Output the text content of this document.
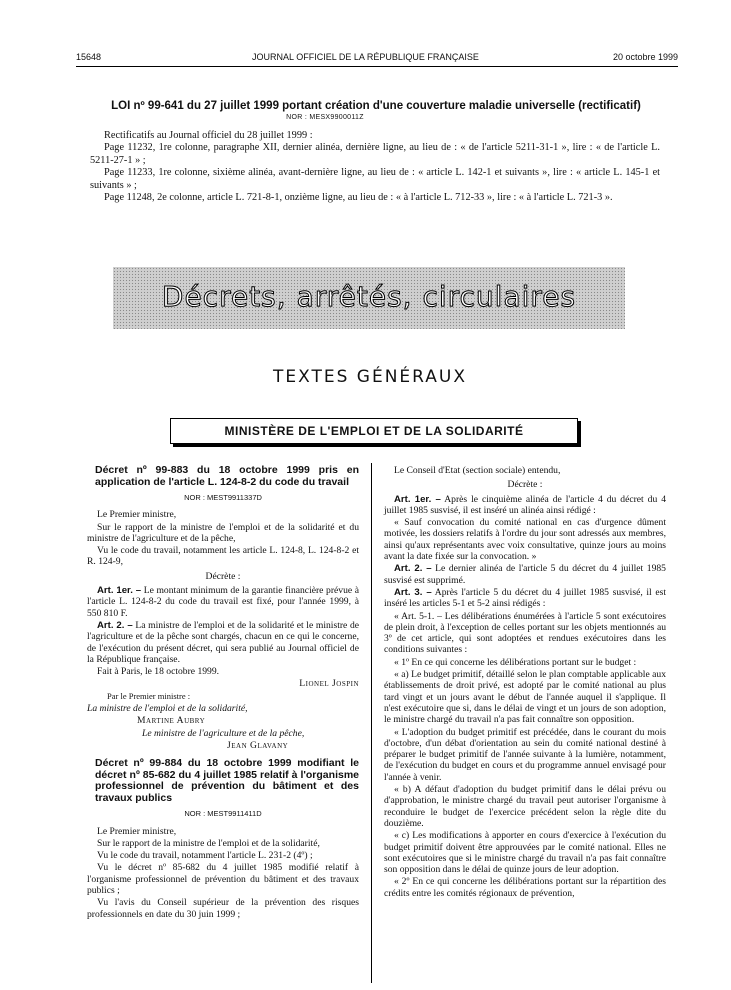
15648	JOURNAL OFFICIEL DE LA RÉPUBLIQUE FRANÇAISE	20 octobre 1999
LOI nº 99-641 du 27 juillet 1999 portant création d'une couverture maladie universelle (rectificatif)
NOR : MESX9900011Z

Rectificatifs au Journal officiel du 28 juillet 1999 :

Page 11232, 1re colonne, paragraphe XII, dernier alinéa, dernière ligne, au lieu de : « de l'article 5211-31-1 », lire : « de l'article L. 5211-27-1 » ;

Page 11233, 1re colonne, sixième alinéa, avant-dernière ligne, au lieu de : « article L. 142-1 et suivants », lire : « article L. 145-1 et suivants » ;

Page 11248, 2e colonne, article L. 721-8-1, onzième ligne, au lieu de : « à l'article L. 712-33 », lire : « à l'article L. 721-3 ».

Décrets, arrêtés, circulaires
TEXTES GÉNÉRAUX
MINISTÈRE DE L'EMPLOI ET DE LA SOLIDARITÉ

Décret nº 99-883 du 18 octobre 1999 pris en application de l'article L. 124-8-2 du code du travail

NOR : MEST9911337D

Le Premier ministre,

Sur le rapport de la ministre de l'emploi et de la solidarité et du ministre de l'agriculture et de la pêche,

Vu le code du travail, notamment les article L. 124-8, L. 124-8-2 et R. 124-9,

Décrète :

Art. 1er. – Le montant minimum de la garantie financière prévue à l'article L. 124-8-2 du code du travail est fixé, pour l'année 1999, à 550 810 F.

Art. 2. – La ministre de l'emploi et de la solidarité et le ministre de l'agriculture et de la pêche sont chargés, chacun en ce qui le concerne, de l'exécution du présent décret, qui sera publié au Journal officiel de la République française.

Fait à Paris, le 18 octobre 1999.

Lionel Jospin

Par le Premier ministre :

La ministre de l'emploi et de la solidarité,

Martine Aubry

Le ministre de l'agriculture et de la pêche,

Jean Glavany

Décret nº 99-884 du 18 octobre 1999 modifiant le décret nº 85-682 du 4 juillet 1985 relatif à l'organisme professionnel de prévention du bâtiment et des travaux publics

NOR : MEST9911411D

Le Premier ministre,

Sur le rapport de la ministre de l'emploi et de la solidarité,

Vu le code du travail, notamment l'article L. 231-2 (4º) ;

Vu le décret nº 85-682 du 4 juillet 1985 modifié relatif à l'organisme professionnel de prévention du bâtiment et des travaux publics ;

Vu l'avis du Conseil supérieur de la prévention des risques professionnels en date du 30 juin 1999 ;

Le Conseil d'Etat (section sociale) entendu,

Décrète :

Art. 1er. – Après le cinquième alinéa de l'article 4 du décret du 4 juillet 1985 susvisé, il est inséré un alinéa ainsi rédigé :

« Sauf convocation du comité national en cas d'urgence dûment motivée, les dossiers relatifs à l'ordre du jour sont adressés aux membres, ainsi qu'aux représentants avec voix consultative, quinze jours au moins avant la date fixée sur la convocation. »

Art. 2. – Le dernier alinéa de l'article 5 du décret du 4 juillet 1985 susvisé est supprimé.

Art. 3. – Après l'article 5 du décret du 4 juillet 1985 susvisé, il est inséré les articles 5-1 et 5-2 ainsi rédigés :

« Art. 5-1. – Les délibérations énumérées à l'article 5 sont exécutoires de plein droit, à l'exception de celles portant sur les objets mentionnés au 3º de cet article, qui sont adoptées et rendues exécutoires dans les conditions suivantes :

« 1º En ce qui concerne les délibérations portant sur le budget :

« a) Le budget primitif, détaillé selon le plan comptable applicable aux établissements de droit privé, est adopté par le comité national au plus tard vingt et un jours avant le début de l'année auquel il s'applique. Il n'est exécutoire que si, dans le délai de vingt et un jours de son adoption, le ministre chargé du travail n'a pas fait connaître son opposition.

« L'adoption du budget primitif est précédée, dans le courant du mois d'octobre, d'un débat d'orientation au sein du comité national destiné à préparer le budget primitif de l'année suivante à la lumière, notamment, de l'exécution du budget en cours et du programme annuel envisagé pour l'année à venir.

« b) A défaut d'adoption du budget primitif dans le délai prévu ou d'approbation, le ministre chargé du travail peut autoriser l'organisme à reconduire le budget de l'exercice précédent selon la règle dite du douzième.

« c) Les modifications à apporter en cours d'exercice à l'exécution du budget primitif doivent être approuvées par le comité national. Elles ne sont exécutoires que si le ministre chargé du travail n'a pas fait connaître son opposition dans le délai de quinze jours de leur adoption.

« 2º En ce qui concerne les délibérations portant sur la répartition des crédits entre les comités régionaux de prévention,
